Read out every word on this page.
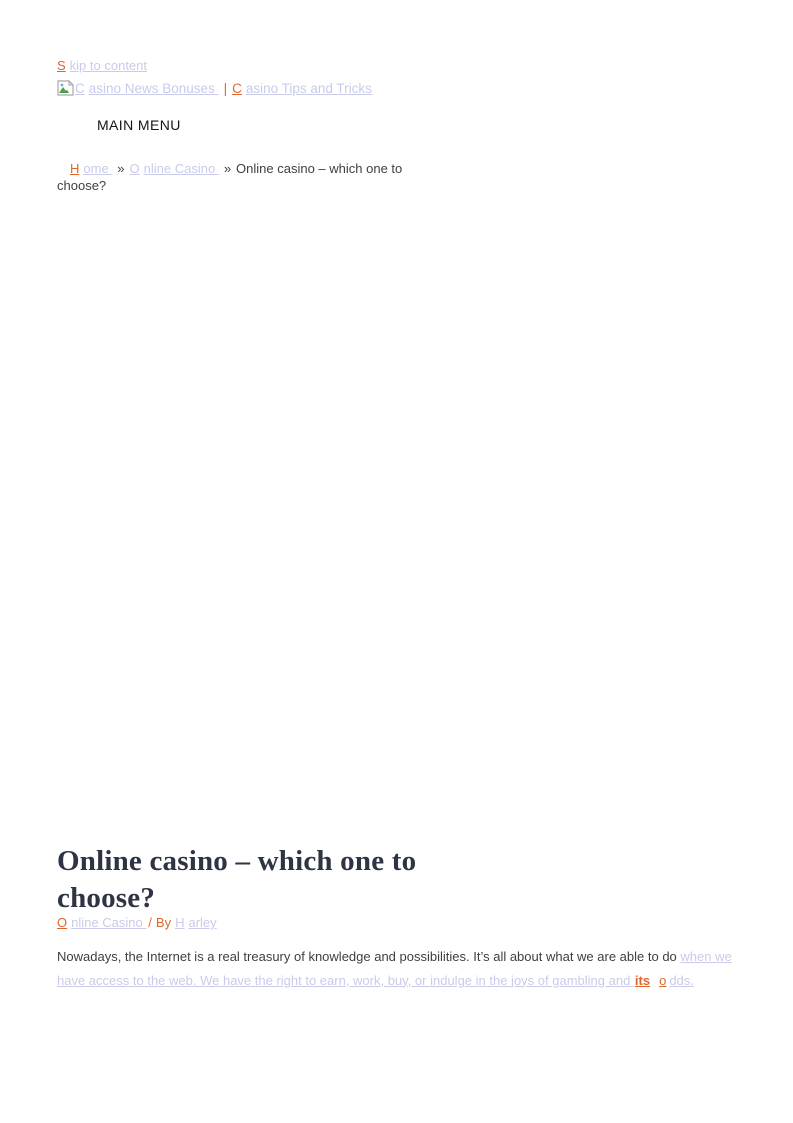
S kip to content
C asino News Bonuses | C asino Tips and Tricks
MAIN MENU
H ome » O nline Casino » Online casino – which one to choose?
Online casino – which one to choose?
O nline Casino / By H arley

Nowadays, the Internet is a real treasury of knowledge and possibilities. It’s all about what we are able to do when we have access to the web. We have the right to earn, work, buy, or indulge in the joys of gambling and its o dds.
